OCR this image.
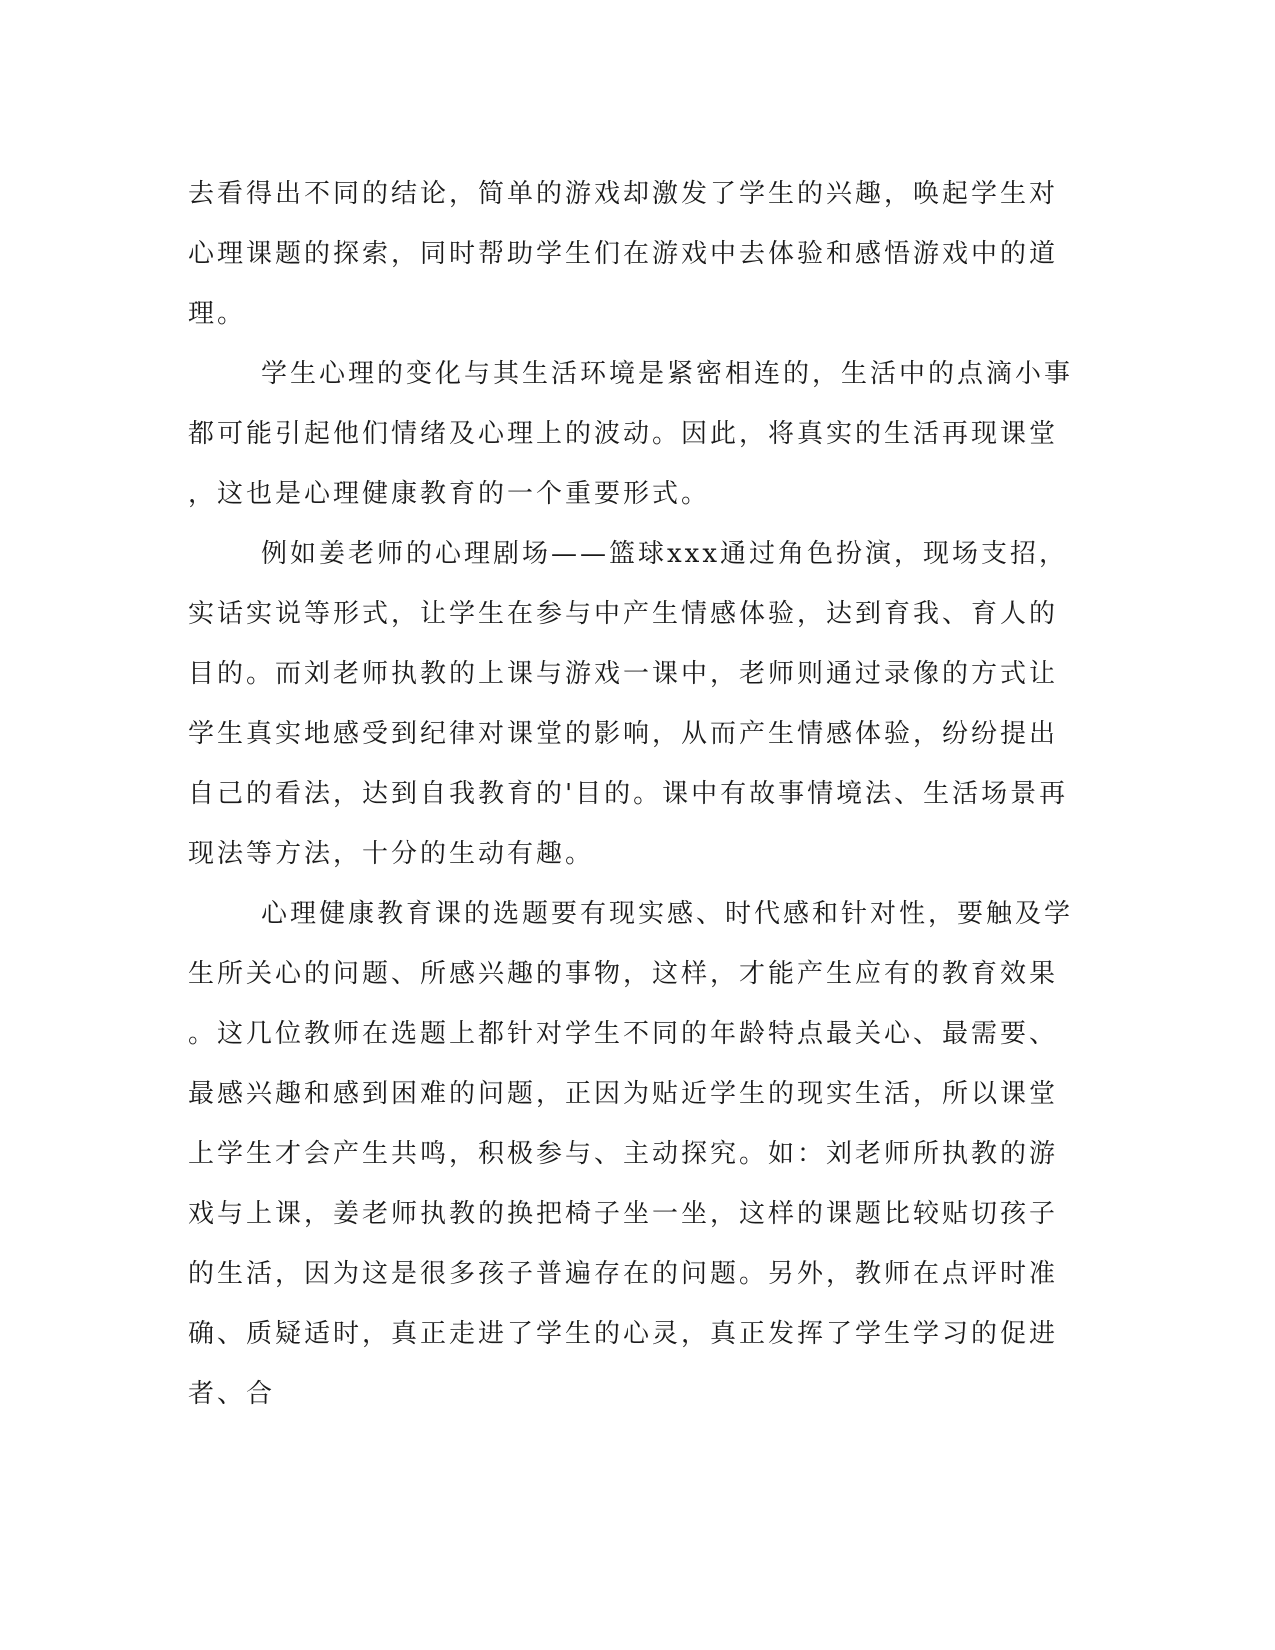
去看得出不同的结论，简单的游戏却激发了学生的兴趣，唤起学生对
心理课题的探索，同时帮助学生们在游戏中去体验和感悟游戏中的道
理。
学生心理的变化与其生活环境是紧密相连的，生活中的点滴小事
都可能引起他们情绪及心理上的波动。因此，将真实的生活再现课堂
，这也是心理健康教育的一个重要形式。
例如姜老师的心理剧场——篮球xxx通过角色扮演，现场支招，
实话实说等形式，让学生在参与中产生情感体验，达到育我、育人的
目的。而刘老师执教的上课与游戏一课中，老师则通过录像的方式让
学生真实地感受到纪律对课堂的影响，从而产生情感体验，纷纷提出
自己的看法，达到自我教育的'目的。课中有故事情境法、生活场景再
现法等方法，十分的生动有趣。
心理健康教育课的选题要有现实感、时代感和针对性，要触及学
生所关心的问题、所感兴趣的事物，这样，才能产生应有的教育效果
。这几位教师在选题上都针对学生不同的年龄特点最关心、最需要、
最感兴趣和感到困难的问题，正因为贴近学生的现实生活，所以课堂
上学生才会产生共鸣，积极参与、主动探究。如：刘老师所执教的游
戏与上课，姜老师执教的换把椅子坐一坐，这样的课题比较贴切孩子
的生活，因为这是很多孩子普遍存在的问题。另外，教师在点评时准
确、质疑适时，真正走进了学生的心灵，真正发挥了学生学习的促进
者、合
